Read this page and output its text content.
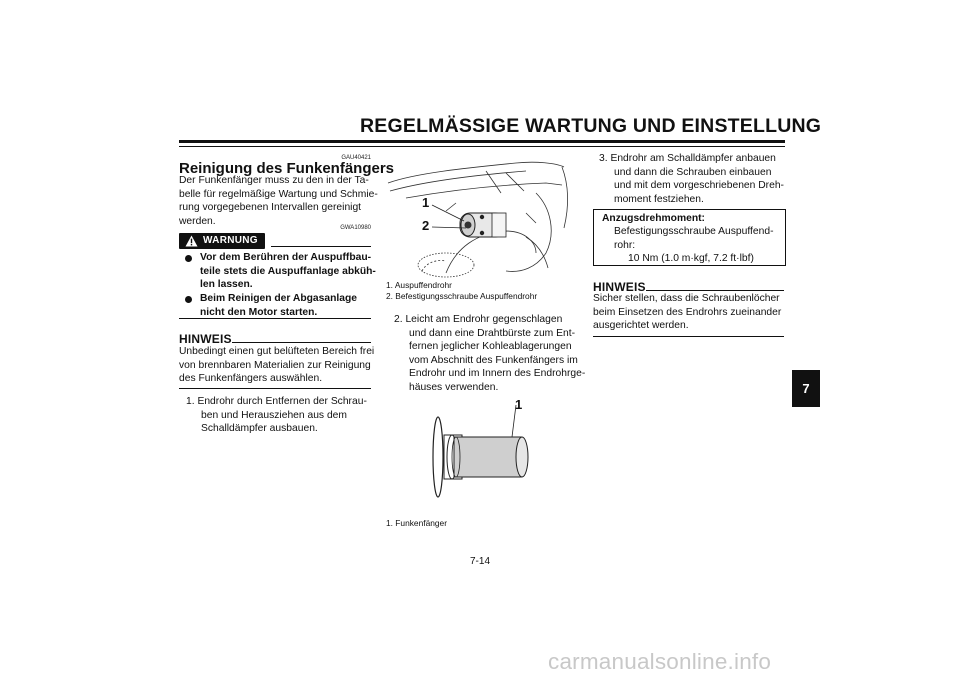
REGELMÄSSIGE WARTUNG UND EINSTELLUNG
GAU40421
Reinigung des Funkenfängers
Der Funkenfänger muss zu den in der Ta-
belle für regelmäßige Wartung und Schmie-
rung vorgegebenen Intervallen gereinigt
werden.
GWA10980
WARNUNG
Vor dem Berühren der Auspuffbau-
teile stets die Auspuffanlage abküh-
len lassen.
Beim Reinigen der Abgasanlage
nicht den Motor starten.
HINWEIS
Unbedingt einen gut belüfteten Bereich frei
von brennbaren Materialien zur Reinigung
des Funkenfängers auswählen.
1. Endrohr durch Entfernen der Schrau-
ben und Herausziehen aus dem
Schalldämpfer ausbauen.
1
2
1. Auspuffendrohr
2. Befestigungsschraube Auspuffendrohr
2. Leicht am Endrohr gegenschlagen
und dann eine Drahtbürste zum Ent-
fernen jeglicher Kohleablagerungen
vom Abschnitt des Funkenfängers im
Endrohr und im Innern des Endrohrge-
häuses verwenden.
1
1. Funkenfänger
3. Endrohr am Schalldämpfer anbauen
und dann die Schrauben einbauen
und mit dem vorgeschriebenen Dreh-
moment festziehen.
Anzugsdrehmoment:
Befestigungsschraube Auspuffend-
rohr:
10 Nm (1.0 m·kgf, 7.2 ft·lbf)
HINWEIS
Sicher stellen, dass die Schraubenlöcher
beim Einsetzen des Endrohrs zueinander
ausgerichtet werden.
7
7-14
carmanualsonline.info
